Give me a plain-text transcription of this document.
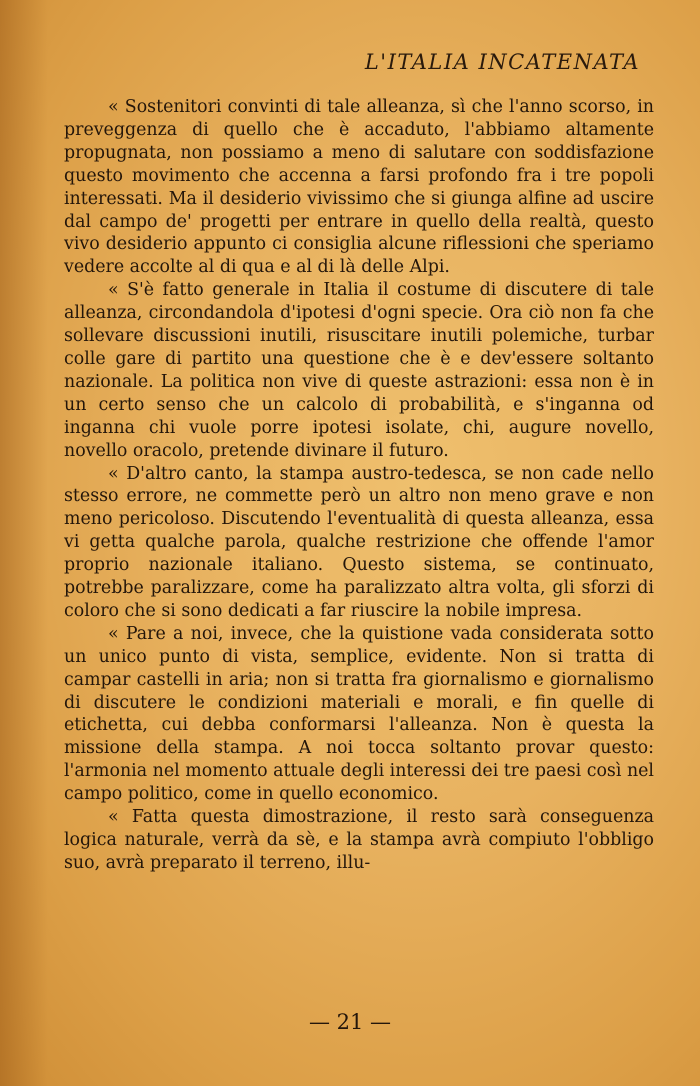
L'ITALIA INCATENATA

« Sostenitori convinti di tale alleanza, sì che l'anno scorso, in preveggenza di quello che è accaduto, l'abbiamo altamente propugnata, non possiamo a meno di salutare con soddisfazione questo movimento che accenna a farsi profondo fra i tre popoli interessati. Ma il desiderio vivissimo che si giunga alfine ad uscire dal campo de' progetti per entrare in quello della realtà, questo vivo desiderio appunto ci consiglia alcune riflessioni che speriamo vedere accolte al di qua e al di là delle Alpi.

« S'è fatto generale in Italia il costume di discutere di tale alleanza, circondandola d'ipotesi d'ogni specie. Ora ciò non fa che sollevare discussioni inutili, risuscitare inutili polemiche, turbar colle gare di partito una questione che è e dev'essere soltanto nazionale. La politica non vive di queste astrazioni: essa non è in un certo senso che un calcolo di probabilità, e s'inganna od inganna chi vuole porre ipotesi isolate, chi, augure novello, novello oracolo, pretende divinare il futuro.

« D'altro canto, la stampa austro-tedesca, se non cade nello stesso errore, ne commette però un altro non meno grave e non meno pericoloso. Discutendo l'eventualità di questa alleanza, essa vi getta qualche parola, qualche restrizione che offende l'amor proprio nazionale italiano. Questo sistema, se continuato, potrebbe paralizzare, come ha paralizzato altra volta, gli sforzi di coloro che si sono dedicati a far riuscire la nobile impresa.

« Pare a noi, invece, che la quistione vada considerata sotto un unico punto di vista, semplice, evidente. Non si tratta di campar castelli in aria; non si tratta fra giornalismo e giornalismo di discutere le condizioni materiali e morali, e fin quelle di etichetta, cui debba conformarsi l'alleanza. Non è questa la missione della stampa. A noi tocca soltanto provar questo: l'armonia nel momento attuale degli interessi dei tre paesi così nel campo politico, come in quello economico.

« Fatta questa dimostrazione, il resto sarà conseguenza logica naturale, verrà da sè, e la stampa avrà compiuto l'obbligo suo, avrà preparato il terreno, illu-

— 21 —
